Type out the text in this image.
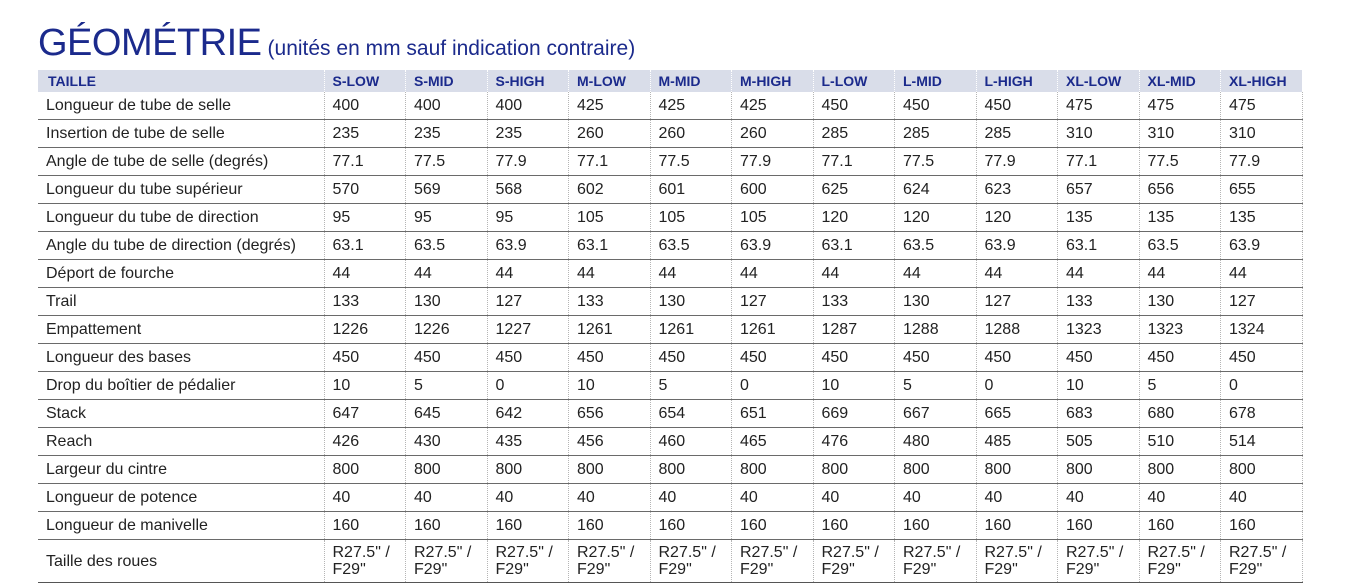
GÉOMÉTRIE (unités en mm sauf indication contraire)
TAILLE	S-LOW	S-MID	S-HIGH	M-LOW	M-MID	M-HIGH	L-LOW	L-MID	L-HIGH	XL-LOW	XL-MID	XL-HIGH
Longueur de tube de selle	400	400	400	425	425	425	450	450	450	475	475	475
Insertion de tube de selle	235	235	235	260	260	260	285	285	285	310	310	310
Angle de tube de selle (degrés)	77.1	77.5	77.9	77.1	77.5	77.9	77.1	77.5	77.9	77.1	77.5	77.9
Longueur du tube supérieur	570	569	568	602	601	600	625	624	623	657	656	655
Longueur du tube de direction	95	95	95	105	105	105	120	120	120	135	135	135
Angle du tube de direction (degrés)	63.1	63.5	63.9	63.1	63.5	63.9	63.1	63.5	63.9	63.1	63.5	63.9
Déport de fourche	44	44	44	44	44	44	44	44	44	44	44	44
Trail	133	130	127	133	130	127	133	130	127	133	130	127
Empattement	1226	1226	1227	1261	1261	1261	1287	1288	1288	1323	1323	1324
Longueur des bases	450	450	450	450	450	450	450	450	450	450	450	450
Drop du boîtier de pédalier	10	5	0	10	5	0	10	5	0	10	5	0
Stack	647	645	642	656	654	651	669	667	665	683	680	678
Reach	426	430	435	456	460	465	476	480	485	505	510	514
Largeur du cintre	800	800	800	800	800	800	800	800	800	800	800	800
Longueur de potence	40	40	40	40	40	40	40	40	40	40	40	40
Longueur de manivelle	160	160	160	160	160	160	160	160	160	160	160	160
Taille des roues	R27.5" / F29"	R27.5" / F29"	R27.5" / F29"	R27.5" / F29"	R27.5" / F29"	R27.5" / F29"	R27.5" / F29"	R27.5" / F29"	R27.5" / F29"	R27.5" / F29"	R27.5" / F29"	R27.5" / F29"
